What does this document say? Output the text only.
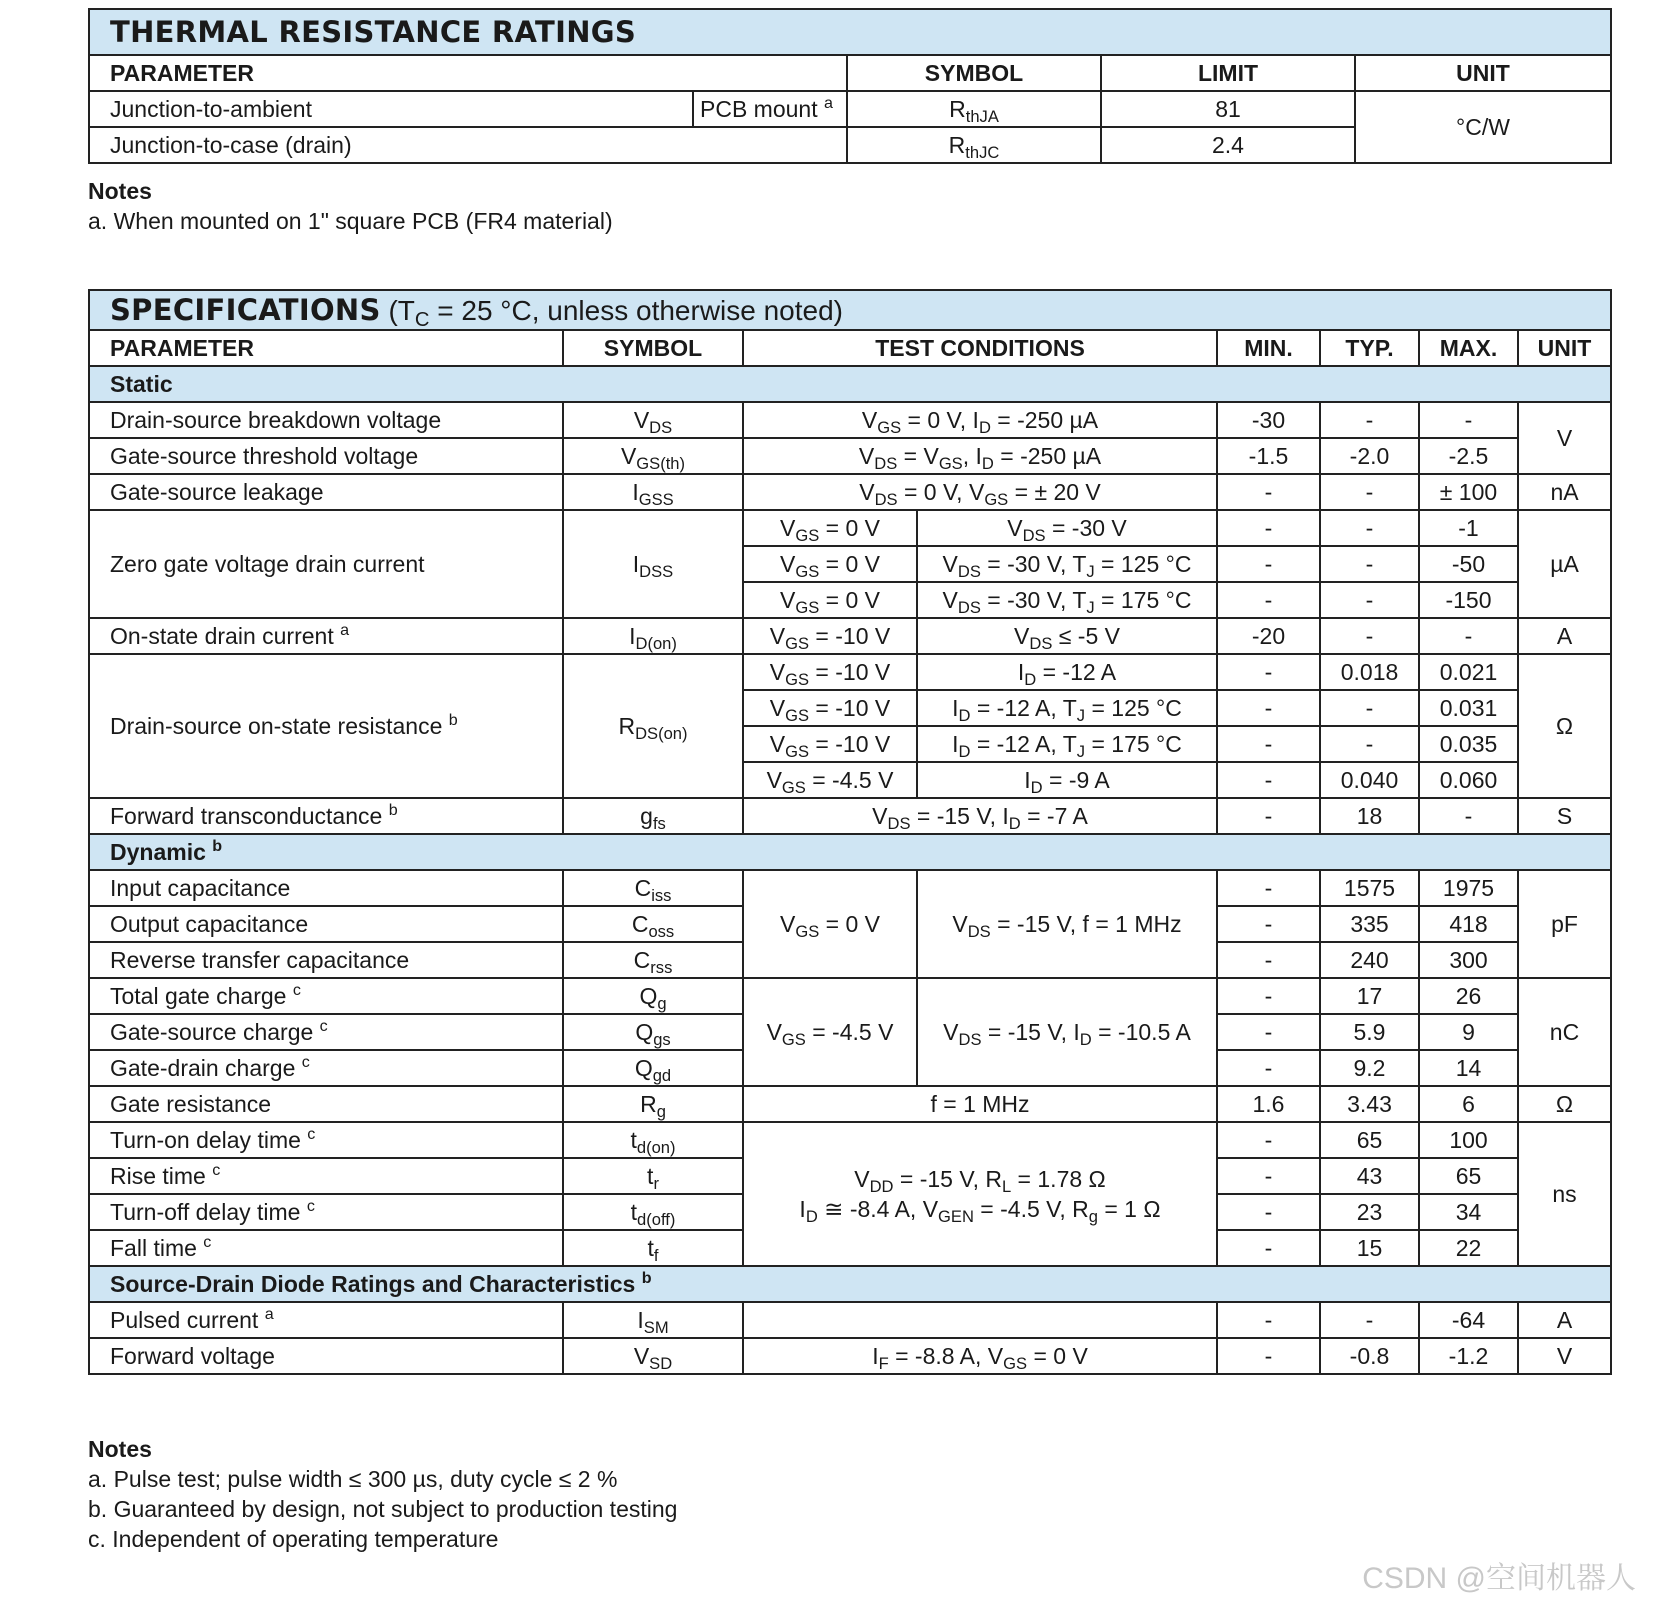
THERMAL RESISTANCE RATINGS				
PARAMETER		SYMBOL	LIMIT	UNIT
Junction-to-ambient	PCB mount $^a$	$R_{thJA}$	81	°C/W
Junction-to-case (drain)		$R_{thJC}$	2.4	
Notes
a. When mounted on 1" square PCB (FR4 material)
SPECIFICATIONS ($T_C = 25$ °C, unless otherwise noted)							
PARAMETER	SYMBOL	TEST CONDITIONS		MIN.	TYP.	MAX.	UNIT
Static							
Drain-source breakdown voltage	$V_{DS}$	$V_{GS} = 0$ V, $I_D = -250$ µA		-30	-	-	V
Gate-source threshold voltage	$V_{GS(th)}$	$V_{DS} = V_{GS}$, $I_D = -250$ µA		-1.5	-2.0	-2.5	
Gate-source leakage	$I_{GSS}$	$V_{DS} = 0$ V, $V_{GS}$ = ± 20 V		-	-	± 100	nA
Zero gate voltage drain current	$I_{DSS}$	$V_{GS} = 0$ V	$V_{DS} = -30$ V	-	-	-1	µA
		$V_{GS} = 0$ V	$V_{DS} = -30$ V, $T_J = 125$ °C	-	-	-50	
		$V_{GS} = 0$ V	$V_{DS} = -30$ V, $T_J = 175$ °C	-	-	-150	
On-state drain current $^a$	$I_{D(on)}$	$V_{GS} = -10$ V	$V_{DS} \le -5$ V	-20	-	-	A
Drain-source on-state resistance $^b$	$R_{DS(on)}$	$V_{GS} = -10$ V	$I_D = -12$ A	-	0.018	0.021	Ω
		$V_{GS} = -10$ V	$I_D = -12$ A, $T_J = 125$ °C	-	-	0.031	
		$V_{GS} = -10$ V	$I_D = -12$ A, $T_J = 175$ °C	-	-	0.035	
		$V_{GS} = -4.5$ V	$I_D = -9$ A	-	0.040	0.060	
Forward transconductance $^b$	$g_{fs}$	$V_{DS} = -15$ V, $I_D = -7$ A		-	18	-	S
Dynamic $^b$
Input capacitance	$C_{iss}$	$V_{GS} = 0$ V	$V_{DS} = -15$ V, f = 1 MHz	-	1575	1975	pF
Output capacitance	$C_{oss}$			-	335	418	
Reverse transfer capacitance	$C_{rss}$			-	240	300	
Total gate charge $^c$	$Q_g$	$V_{GS} = -4.5$ V	$V_{DS} = -15$ V, $I_D = -10.5$ A	-	17	26	nC
Gate-source charge $^c$	$Q_{gs}$			-	5.9	9	
Gate-drain charge $^c$	$Q_{gd}$			-	9.2	14	
Gate resistance	$R_g$	f = 1 MHz		1.6	3.43	6	Ω
Turn-on delay time $^c$	$t_{d(on)}$	$V_{DD} = -15$ V, $R_L = 1.78$ Ω
$I_D$ ≅ -8.4 A, $V_{GEN} = -4.5$ V, $R_g = 1$ Ω		-	65	100	ns
Rise time $^c$	$t_r$			-	43	65	
Turn-off delay time $^c$	$t_{d(off)}$			-	23	34	
Fall time $^c$	$t_f$			-	15	22	
Source-Drain Diode Ratings and Characteristics $^b$
Pulsed current $^a$	$I_{SM}$			-	-	-64	A
Forward voltage	$V_{SD}$	$I_F = -8.8$ A, $V_{GS} = 0$ V		-	-0.8	-1.2	V
Notes
a. Pulse test; pulse width ≤ 300 µs, duty cycle ≤ 2 %
b. Guaranteed by design, not subject to production testing
c. Independent of operating temperature
CSDN @空间机器人
